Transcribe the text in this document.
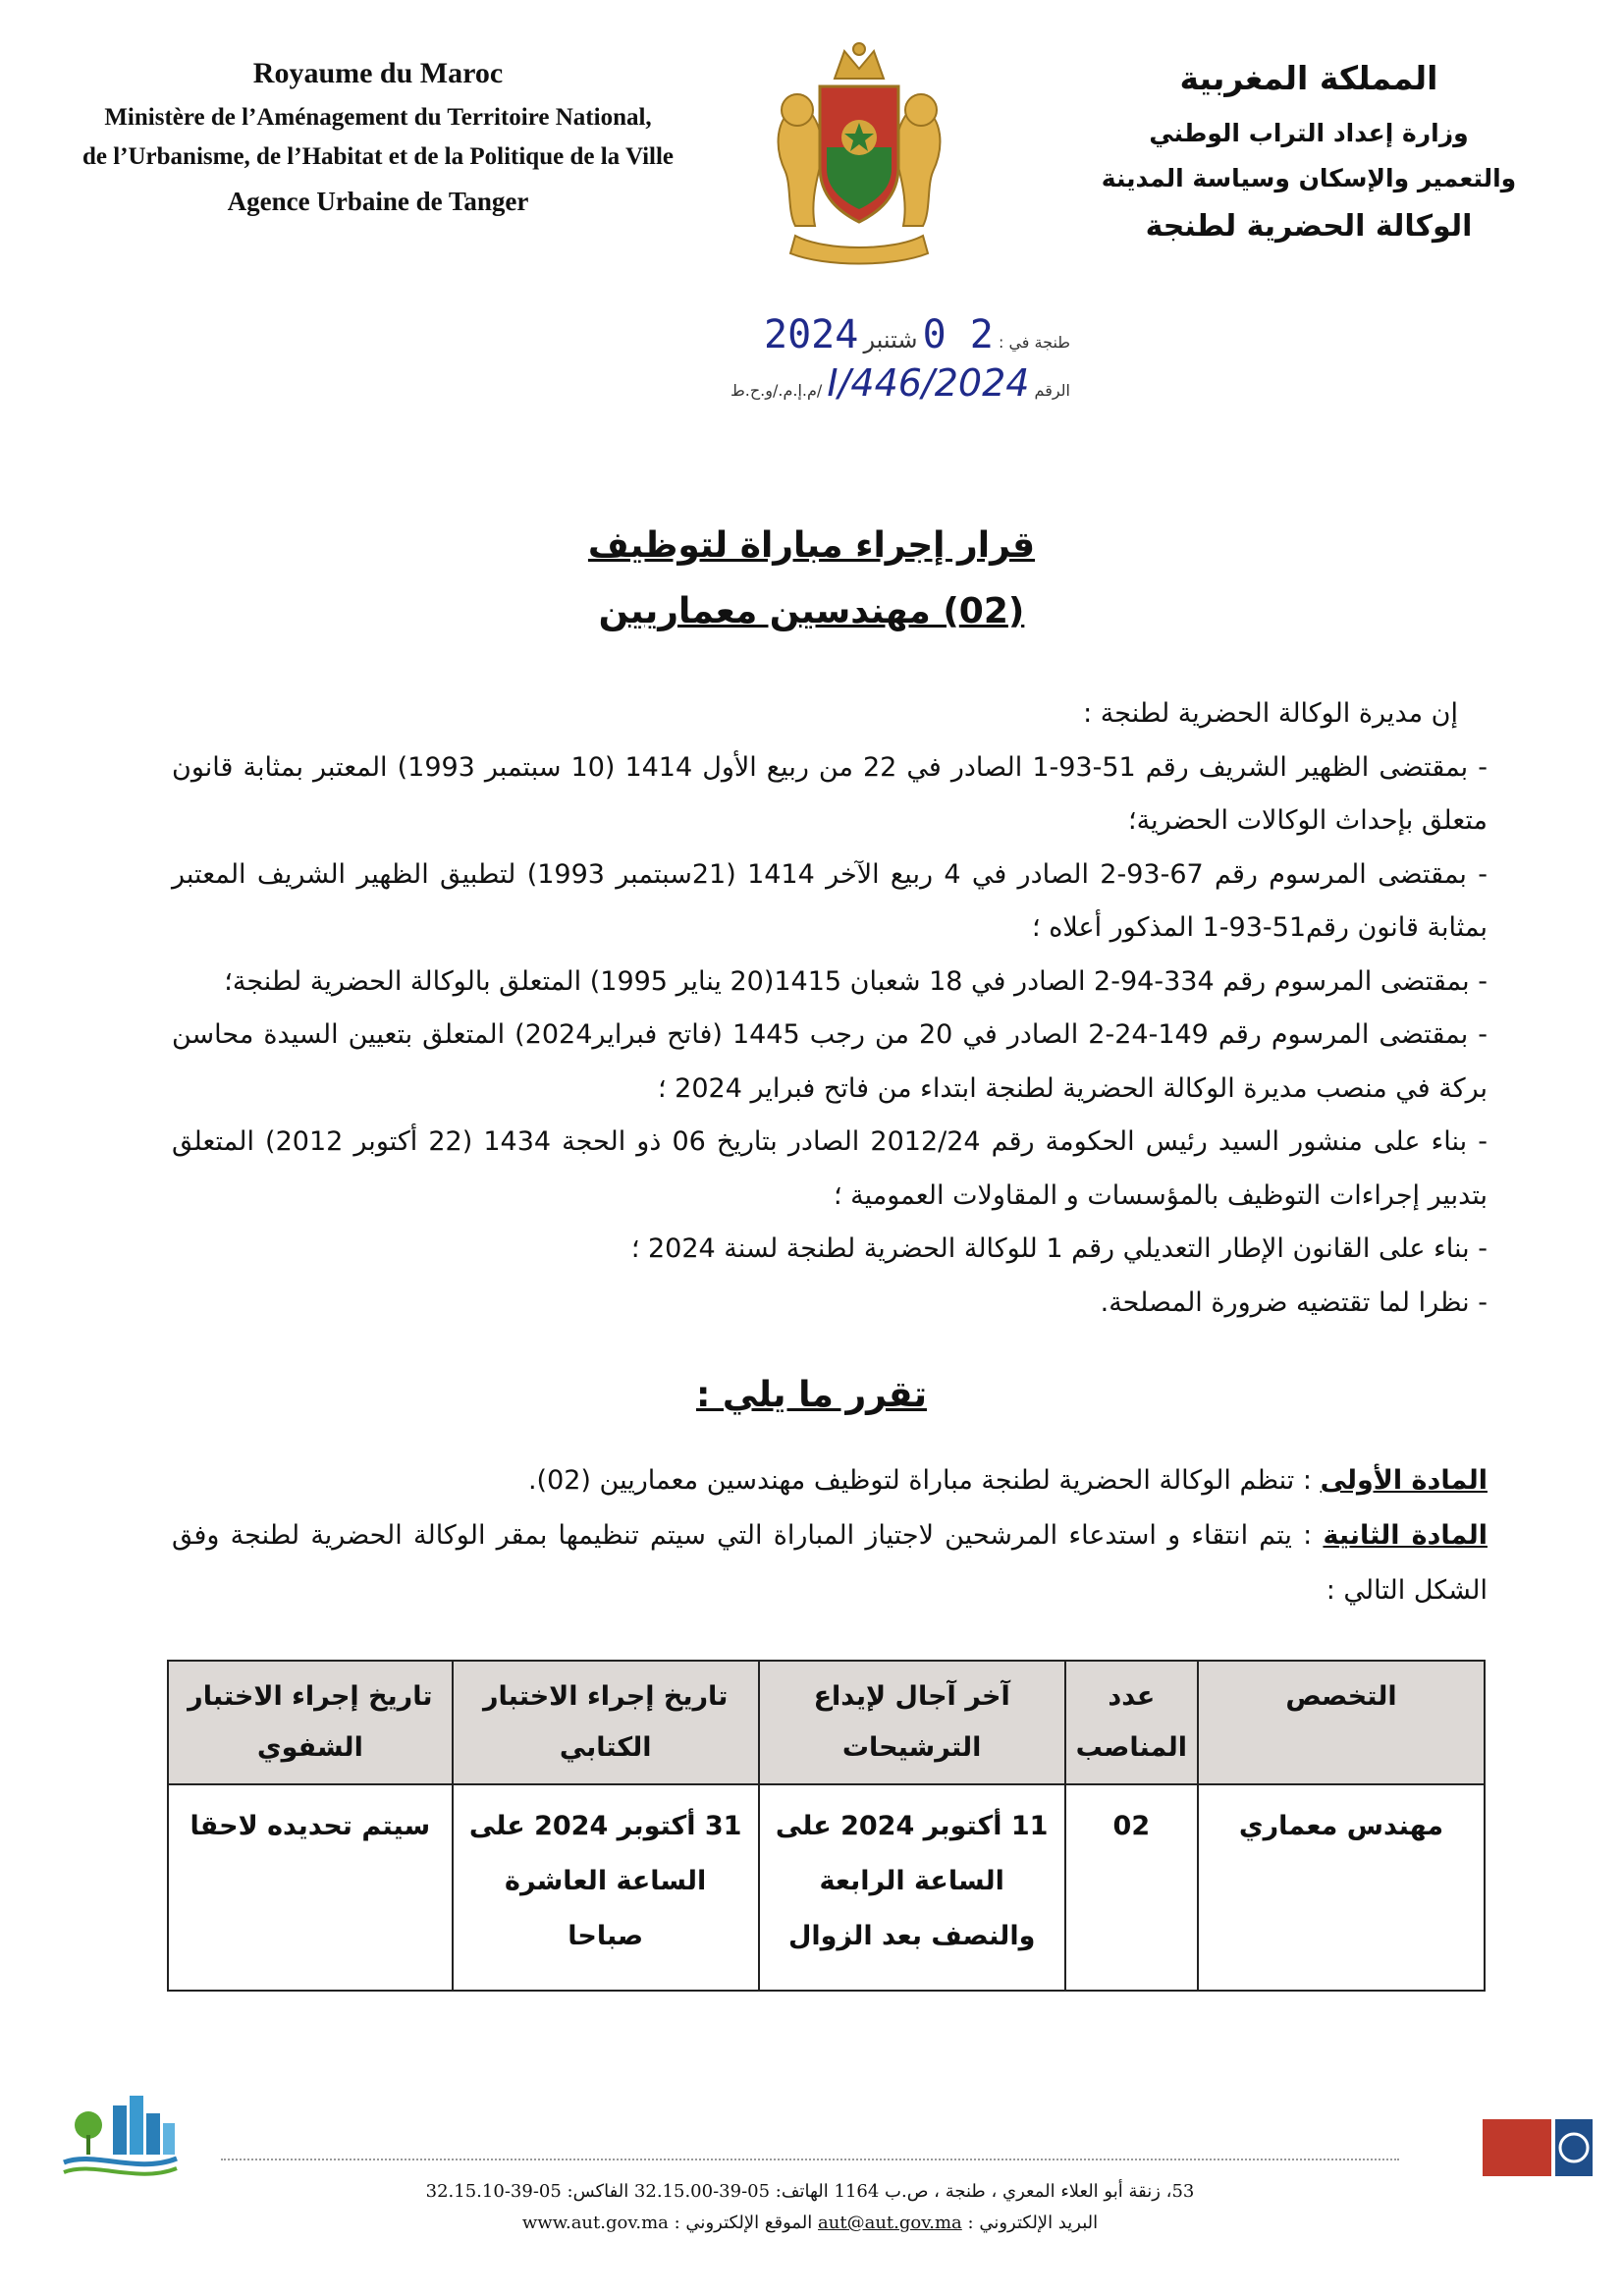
Royaume du Maroc
Ministère de l’Aménagement du Territoire National,
de l’Urbanisme, de l’Habitat et de la Politique de la Ville
Agence Urbaine de Tanger
المملكة المغربية
وزارة إعداد التراب الوطني
والتعمير والإسكان وسياسة المدينة
الوكالة الحضرية لطنجة
طنجة في : 2 0 شتنبر 2024
الرقم I/446/2024 /م.إ.م./و.ح.ط
قرار إجراء مباراة لتوظيف
(02) مهندسين معماريين

إن مديرة الوكالة الحضرية لطنجة :

- بمقتضى الظهير الشريف رقم 51-93-1 الصادر في 22 من ربيع الأول 1414 (10 سبتمبر 1993) المعتبر بمثابة قانون متعلق بإحداث الوكالات الحضرية؛

- بمقتضى المرسوم رقم 67-93-2 الصادر في 4 ربيع الآخر 1414 (21سبتمبر 1993) لتطبيق الظهير الشريف المعتبر بمثابة قانون رقم51-93-1 المذكور أعلاه ؛

- بمقتضى المرسوم رقم 334-94-2 الصادر في 18 شعبان 1415(20 يناير 1995) المتعلق بالوكالة الحضرية لطنجة؛

- بمقتضى المرسوم رقم 149-24-2 الصادر في 20 من رجب 1445 (فاتح فبراير2024) المتعلق بتعيين السيدة محاسن بركة في منصب مديرة الوكالة الحضرية لطنجة ابتداء من فاتح فبراير 2024 ؛

- بناء على منشور السيد رئيس الحكومة رقم 2012/24 الصادر بتاريخ 06 ذو الحجة 1434 (22 أكتوبر 2012) المتعلق بتدبير إجراءات التوظيف بالمؤسسات و المقاولات العمومية ؛

- بناء على القانون الإطار التعديلي رقم 1 للوكالة الحضرية لطنجة لسنة 2024 ؛

- نظرا لما تقتضيه ضرورة المصلحة.

تقرر ما يلي :

المادة الأولى : تنظم الوكالة الحضرية لطنجة مباراة لتوظيف مهندسين معماريين (02).

المادة الثانية : يتم انتقاء و استدعاء المرشحين لاجتياز المباراة التي سيتم تنظيمها بمقر الوكالة الحضرية لطنجة وفق الشكل التالي :

التخصص	عدد المناصب	آخر آجال لإيداع الترشيحات	تاريخ إجراء الاختبار الكتابي	تاريخ إجراء الاختبار الشفوي
مهندس معماري	02	11 أكتوبر 2024 على الساعة الرابعة والنصف بعد الزوال	31 أكتوبر 2024 على الساعة العاشرة صباحا	سيتم تحديده لاحقا
53، زنقة أبو العلاء المعري ، طنجة ، ص.ب 1164 الهاتف: 05-39-32.15.00 الفاكس: 05-39-32.15.10
البريد الإلكتروني : aut@aut.gov.ma الموقع الإلكتروني : www.aut.gov.ma
